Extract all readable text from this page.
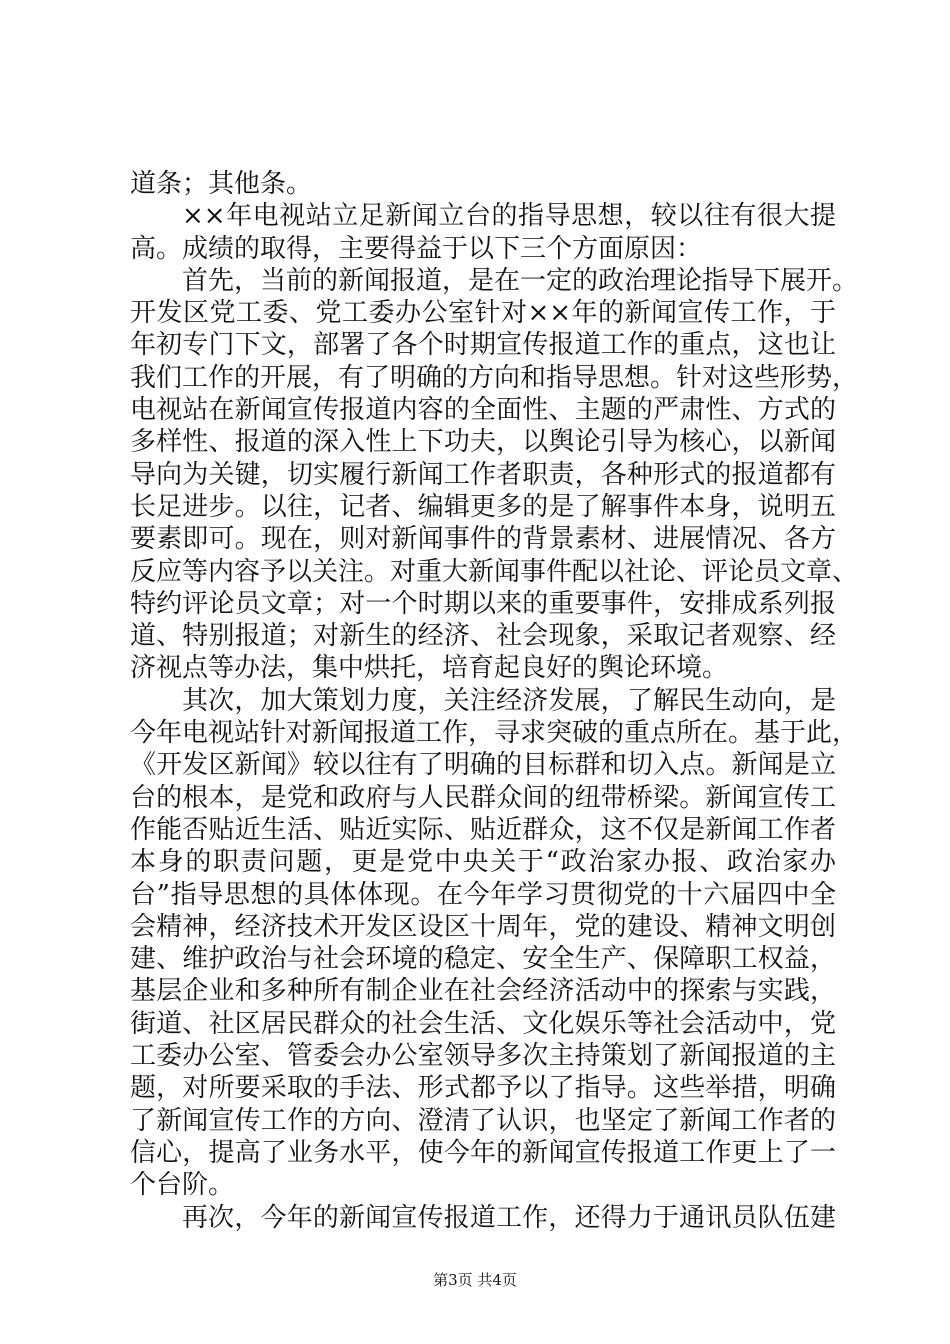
道条；其他条。
××年电视站立足新闻立台的指导思想，较以往有很大提
高。成绩的取得，主要得益于以下三个方面原因：
首先，当前的新闻报道，是在一定的政治理论指导下展开。
开发区党工委、党工委办公室针对××年的新闻宣传工作，于
年初专门下文，部署了各个时期宣传报道工作的重点，这也让
我们工作的开展，有了明确的方向和指导思想。针对这些形势，
电视站在新闻宣传报道内容的全面性、主题的严肃性、方式的
多样性、报道的深入性上下功夫，以舆论引导为核心，以新闻
导向为关键，切实履行新闻工作者职责，各种形式的报道都有
长足进步。以往，记者、编辑更多的是了解事件本身，说明五
要素即可。现在，则对新闻事件的背景素材、进展情况、各方
反应等内容予以关注。对重大新闻事件配以社论、评论员文章、
特约评论员文章；对一个时期以来的重要事件，安排成系列报
道、特别报道；对新生的经济、社会现象，采取记者观察、经
济视点等办法，集中烘托，培育起良好的舆论环境。
其次，加大策划力度，关注经济发展，了解民生动向，是
今年电视站针对新闻报道工作，寻求突破的重点所在。基于此，
《开发区新闻》较以往有了明确的目标群和切入点。新闻是立
台的根本，是党和政府与人民群众间的纽带桥梁。新闻宣传工
作能否贴近生活、贴近实际、贴近群众，这不仅是新闻工作者
本身的职责问题，更是党中央关于“政治家办报、政治家办
台”指导思想的具体体现。在今年学习贯彻党的十六届四中全
会精神，经济技术开发区设区十周年，党的建设、精神文明创
建、维护政治与社会环境的稳定、安全生产、保障职工权益，
基层企业和多种所有制企业在社会经济活动中的探索与实践，
街道、社区居民群众的社会生活、文化娱乐等社会活动中，党
工委办公室、管委会办公室领导多次主持策划了新闻报道的主
题，对所要采取的手法、形式都予以了指导。这些举措，明确
了新闻宣传工作的方向、澄清了认识，也坚定了新闻工作者的
信心，提高了业务水平，使今年的新闻宣传报道工作更上了一
个台阶。
再次，今年的新闻宣传报道工作，还得力于通讯员队伍建
第3页 共4页
